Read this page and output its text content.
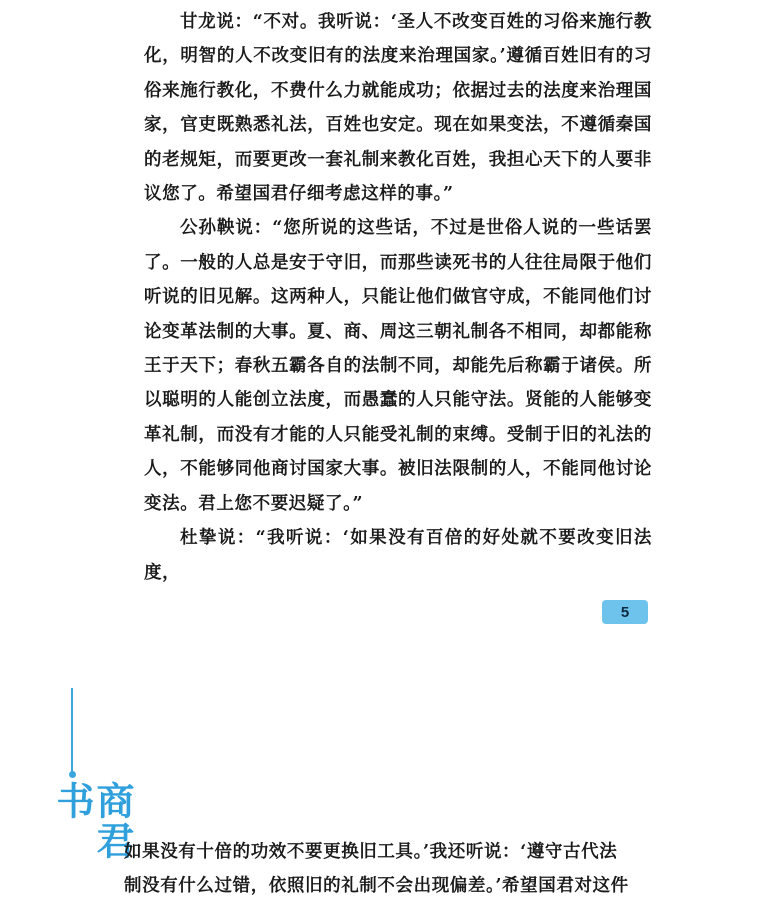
甘龙说：“不对。我听说：‘圣人不改变百姓的习俗来施行教化，明智的人不改变旧有的法度来治理国家。’遵循百姓旧有的习俗来施行教化，不费什么力就能成功；依据过去的法度来治理国家，官吏既熟悉礼法，百姓也安定。现在如果变法，不遵循秦国的老规矩，而要更改一套礼制来教化百姓，我担心天下的人要非议您了。希望国君仔细考虑这样的事。”

公孙鞅说：“您所说的这些话，不过是世俗人说的一些话罢了。一般的人总是安于守旧，而那些读死书的人往往局限于他们听说的旧见解。这两种人，只能让他们做官守成，不能同他们讨论变革法制的大事。夏、商、周这三朝礼制各不相同，却都能称王于天下；春秋五霸各自的法制不同，却能先后称霸于诸侯。所以聪明的人能创立法度，而愚蠢的人只能守法。贤能的人能够变革礼制，而没有才能的人只能受礼制的束缚。受制于旧的礼法的人，不能够同他商讨国家大事。被旧法限制的人，不能同他讨论变法。君上您不要迟疑了。”

杜挚说：“我听说：‘如果没有百倍的好处就不要改变旧法度，

5
商君书

如果没有十倍的功效不要更换旧工具。’我还听说：‘遵守古代法

制没有什么过错，依照旧的礼制不会出现偏差。’希望国君对这件
